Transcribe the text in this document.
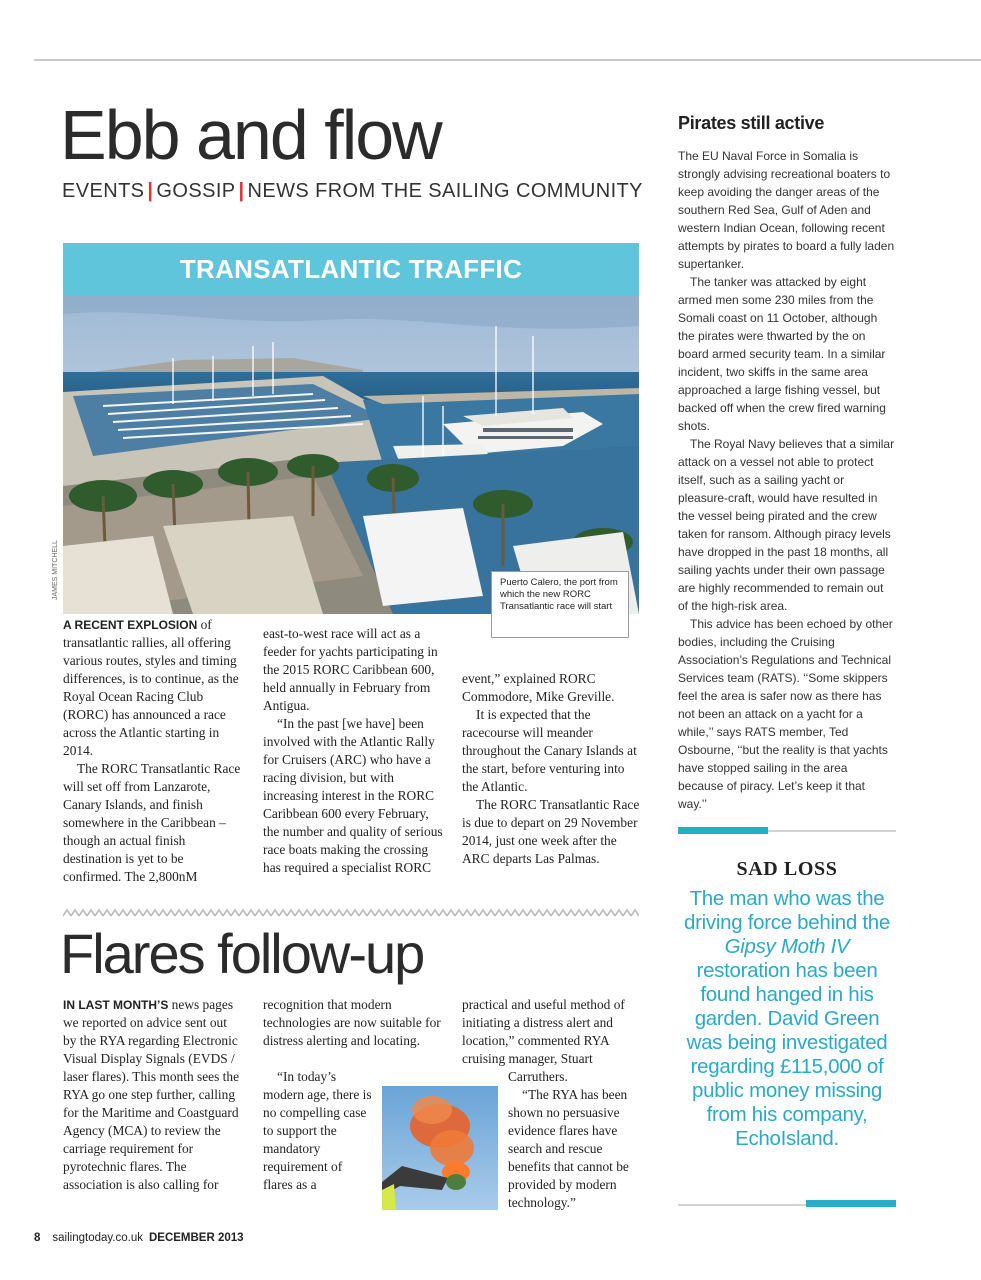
Ebb and flow
EVENTS | GOSSIP | NEWS FROM THE SAILING COMMUNITY
TRANSATLANTIC TRAFFIC
JAMES MITCHELL	Puerto Calero, the port from which the new RORC Transatlantic race will start

A RECENT EXPLOSION of transatlantic rallies, all offering various routes, styles and timing differences, is to continue, as the Royal Ocean Racing Club (RORC) has announced a race across the Atlantic starting in 2014.

The RORC Transatlantic Race will set off from Lanzarote, Canary Islands, and finish somewhere in the Caribbean – though an actual finish destination is yet to be confirmed. The 2,800nM

east-to-west race will act as a feeder for yachts participating in the 2015 RORC Caribbean 600, held annually in February from Antigua.

“In the past [we have] been involved with the Atlantic Rally for Cruisers (ARC) who have a racing division, but with increasing interest in the RORC Caribbean 600 every February, the number and quality of serious race boats making the crossing has required a specialist RORC

event,” explained RORC Commodore, Mike Greville.

It is expected that the racecourse will meander throughout the Canary Islands at the start, before venturing into the Atlantic.

The RORC Transatlantic Race is due to depart on 29 November 2014, just one week after the ARC departs Las Palmas.

Flares follow-up

IN LAST MONTH’S news pages we reported on advice sent out by the RYA regarding Electronic Visual Display Signals (EVDS / laser flares). This month sees the RYA go one step further, calling for the Maritime and Coastguard Agency (MCA) to review the carriage requirement for pyrotechnic flares. The association is also calling for

recognition that modern technologies are now suitable for distress alerting and locating.

“In today’s modern age, there is no compelling case to support the mandatory requirement of flares as a

practical and useful method of initiating a distress alert and location,” commented RYA cruising manager, Stuart

Carruthers.

“The RYA has been shown no persuasive evidence flares have search and rescue benefits that cannot be provided by modern technology.”

Pirates still active

The EU Naval Force in Somalia is strongly advising recreational boaters to keep avoiding the danger areas of the southern Red Sea, Gulf of Aden and western Indian Ocean, following recent attempts by pirates to board a fully laden supertanker.

The tanker was attacked by eight armed men some 230 miles from the Somali coast on 11 October, although the pirates were thwarted by the on board armed security team. In a similar incident, two skiffs in the same area approached a large fishing vessel, but backed off when the crew fired warning shots.

The Royal Navy believes that a similar attack on a vessel not able to protect itself, such as a sailing yacht or pleasure-craft, would have resulted in the vessel being pirated and the crew taken for ransom. Although piracy levels have dropped in the past 18 months, all sailing yachts under their own passage are highly recommended to remain out of the high-risk area.

This advice has been echoed by other bodies, including the Cruising Association’s Regulations and Technical Services team (RATS). ‘‘Some skippers feel the area is safer now as there has not been an attack on a yacht for a while,’’ says RATS member, Ted Osbourne, ‘‘but the reality is that yachts have stopped sailing in the area because of piracy. Let’s keep it that way.’’

SAD LOSS
The man who was the driving force behind the Gipsy Moth IV restoration has been found hanged in his garden. David Green was being investigated regarding £115,000 of public money missing from his company, EchoIsland.
8 sailingtoday.co.uk DECEMBER 2013
